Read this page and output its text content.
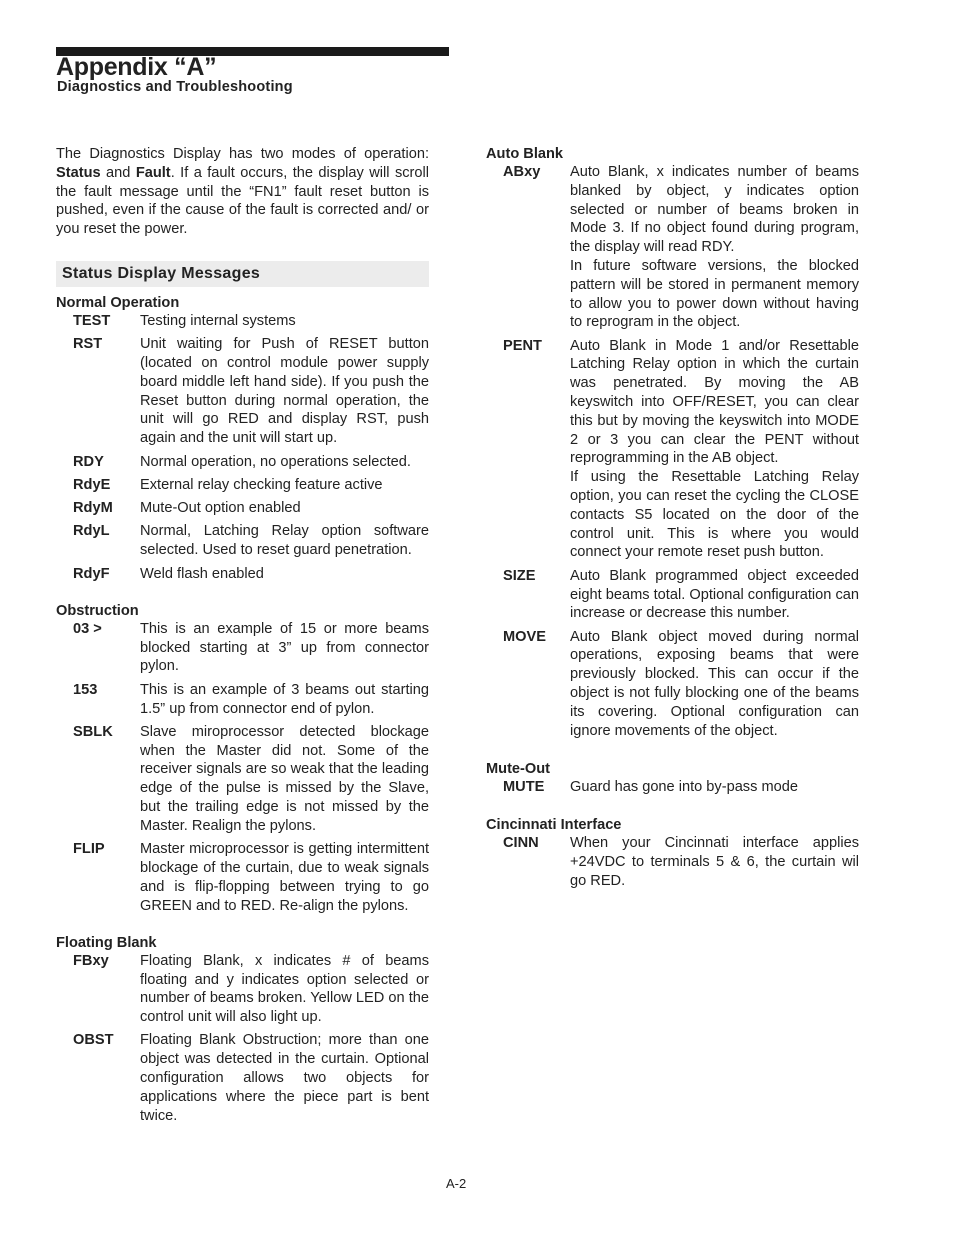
Appendix “A”
Diagnostics and Troubleshooting

The Diagnostics Display has two modes of operation: Status and Fault. If a fault occurs, the display will scroll the fault message until the “FN1” fault reset button is pushed, even if the cause of the fault is corrected and/ or you reset the power.

Status Display Messages
Normal Operation
TEST	Testing internal systems

RST	Unit waiting for Push of RESET button (located on control module power supply board middle left hand side). If you push the Reset button during normal operation, the unit will go RED and display RST, push again and the unit will start up.

RDY	Normal operation, no operations selected.

RdyE	External relay checking feature active

RdyM	Mute-Out option enabled

RdyL	Normal, Latching Relay option software selected. Used to reset guard penetration.

RdyF	Weld flash enabled

Obstruction
03 >	This is an example of 15 or more beams blocked starting at 3” up from connector pylon.

153	This is an example of 3 beams out starting 1.5” up from connector end of pylon.

SBLK	Slave miroprocessor detected blockage when the Master did not. Some of the receiver signals are so weak that the leading edge of the pulse is missed by the Slave, but the trailing edge is not missed by the Master. Realign the pylons.

FLIP	Master microprocessor is getting intermittent blockage of the curtain, due to weak signals and is flip-flopping between trying to go GREEN and to RED. Re-align the pylons.

Floating Blank
FBxy	Floating Blank, x indicates # of beams floating and y indicates option selected or number of beams broken. Yellow LED on the control unit will also light up.

OBST	Floating Blank Obstruction; more than one object was detected in the curtain. Optional configuration allows two objects for applications where the piece part is bent twice.

Auto Blank
ABxy	Auto Blank, x indicates number of beams blanked by object, y indicates option selected or number of beams broken in Mode 3. If no object found during program, the display will read RDY.

In future software versions, the blocked pattern will be stored in permanent memory to allow you to power down without having to reprogram in the object.

PENT	Auto Blank in Mode 1 and/or Resettable Latching Relay option in which the curtain was penetrated. By moving the AB keyswitch into OFF/RESET, you can clear this but by moving the keyswitch into MODE 2 or 3 you can clear the PENT without reprogramming in the AB object.

If using the Resettable Latching Relay option, you can reset the cycling the CLOSE contacts S5 located on the door of the control unit. This is where you would connect your remote reset push button.

SIZE	Auto Blank programmed object exceeded eight beams total. Optional configuration can increase or decrease this number.

MOVE	Auto Blank object moved during normal operations, exposing beams that were previously blocked. This can occur if the object is not fully blocking one of the beams its covering. Optional configuration can ignore movements of the object.

Mute-Out
MUTE	Guard has gone into by-pass mode

Cincinnati Interface
CINN	When your Cincinnati interface applies +24VDC to terminals 5 & 6, the curtain wil go RED.

A-2
